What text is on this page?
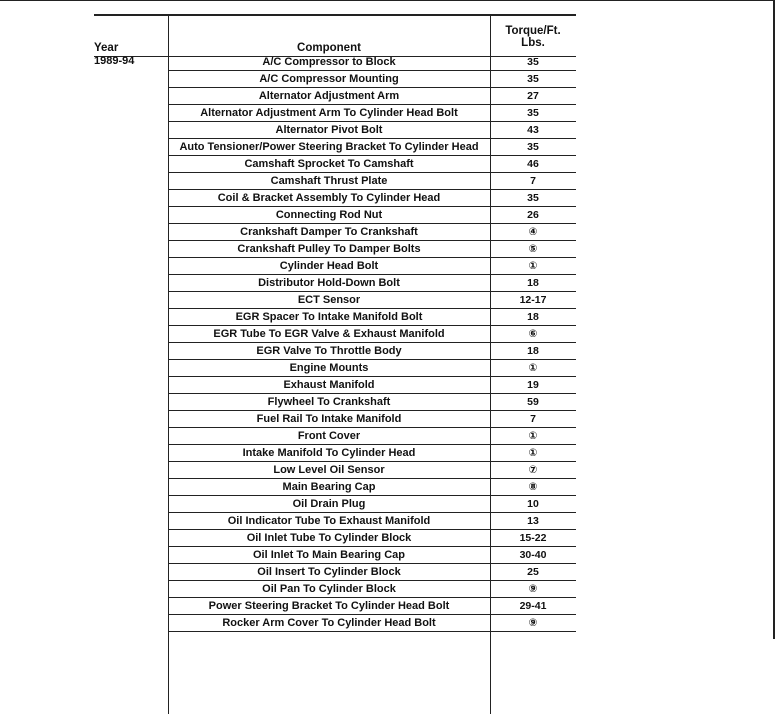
Year	Component
Torque/Ft.
Lbs.
1989-94	A/C Compressor to Block	35
A/C Compressor Mounting	35
Alternator Adjustment Arm	27
Alternator Adjustment Arm To Cylinder Head Bolt	35
Alternator Pivot Bolt	43
Auto Tensioner/Power Steering Bracket To Cylinder Head	35
Camshaft Sprocket To Camshaft	46
Camshaft Thrust Plate	7
Coil & Bracket Assembly To Cylinder Head	35
Connecting Rod Nut	26
Crankshaft Damper To Crankshaft	④
Crankshaft Pulley To Damper Bolts	⑤
Cylinder Head Bolt	①
Distributor Hold-Down Bolt	18
ECT Sensor	12-17
EGR Spacer To Intake Manifold Bolt	18
EGR Tube To EGR Valve & Exhaust Manifold	⑥
EGR Valve To Throttle Body	18
Engine Mounts	①
Exhaust Manifold	19
Flywheel To Crankshaft	59
Fuel Rail To Intake Manifold	7
Front Cover	①
Intake Manifold To Cylinder Head	①
Low Level Oil Sensor	⑦
Main Bearing Cap	⑧
Oil Drain Plug	10
Oil Indicator Tube To Exhaust Manifold	13
Oil Inlet Tube To Cylinder Block	15-22
Oil Inlet To Main Bearing Cap	30-40
Oil Insert To Cylinder Block	25
Oil Pan To Cylinder Block	⑨
Power Steering Bracket To Cylinder Head Bolt	29-41
Rocker Arm Cover To Cylinder Head Bolt	⑨
